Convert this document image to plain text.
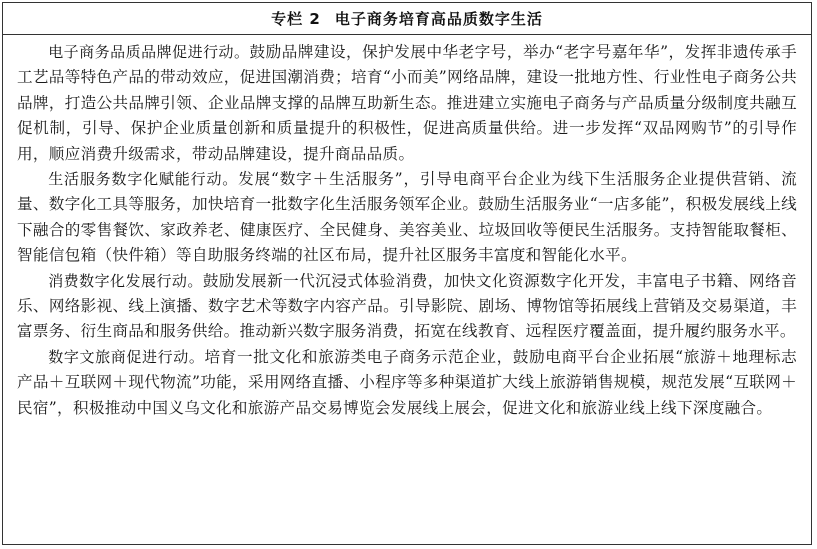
专栏 2 电子商务培育高品质数字生活

电子商务品质品牌促进行动。鼓励品牌建设，保护发展中华老字号，举办“老字号嘉年华”，发挥非遗传承手工艺品等特色产品的带动效应，促进国潮消费；培育“小而美”网络品牌，建设一批地方性、行业性电子商务公共品牌，打造公共品牌引领、企业品牌支撑的品牌互助新生态。推进建立实施电子商务与产品质量分级制度共融互促机制，引导、保护企业质量创新和质量提升的积极性，促进高质量供给。进一步发挥“双品网购节”的引导作用，顺应消费升级需求，带动品牌建设，提升商品品质。

生活服务数字化赋能行动。发展“数字＋生活服务”，引导电商平台企业为线下生活服务企业提供营销、流量、数字化工具等服务，加快培育一批数字化生活服务领军企业。鼓励生活服务业“一店多能”，积极发展线上线下融合的零售餐饮、家政养老、健康医疗、全民健身、美容美业、垃圾回收等便民生活服务。支持智能取餐柜、智能信包箱（快件箱）等自助服务终端的社区布局，提升社区服务丰富度和智能化水平。

消费数字化发展行动。鼓励发展新一代沉浸式体验消费，加快文化资源数字化开发，丰富电子书籍、网络音乐、网络影视、线上演播、数字艺术等数字内容产品。引导影院、剧场、博物馆等拓展线上营销及交易渠道，丰富票务、衍生商品和服务供给。推动新兴数字服务消费，拓宽在线教育、远程医疗覆盖面，提升履约服务水平。

数字文旅商促进行动。培育一批文化和旅游类电子商务示范企业，鼓励电商平台企业拓展“旅游＋地理标志产品＋互联网＋现代物流”功能，采用网络直播、小程序等多种渠道扩大线上旅游销售规模，规范发展“互联网＋民宿”，积极推动中国义乌文化和旅游产品交易博览会发展线上展会，促进文化和旅游业线上线下深度融合。
